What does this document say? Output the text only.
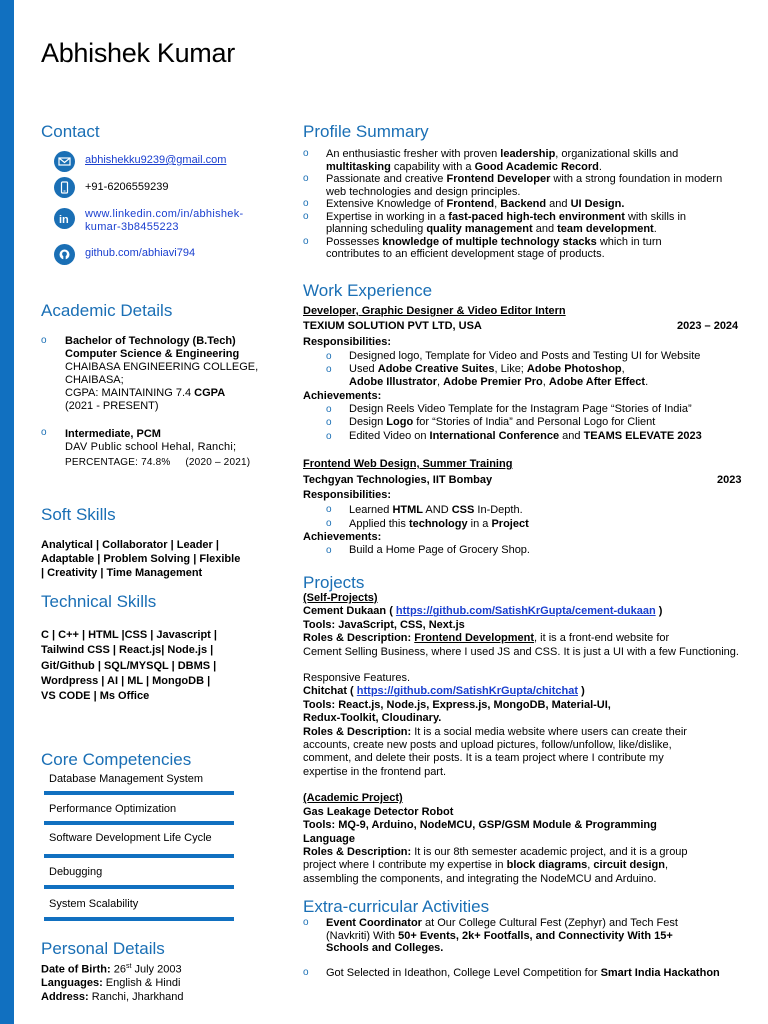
Abhishek Kumar
Contact
abhishekku9239@gmail.com
+91-6206559239
in www.linkedin.com/in/abhishek-
kumar-3b8455223
github.com/abhiavi794
Academic Details
o Bachelor of Technology (B.Tech)
Computer Science & Engineering
CHAIBASA ENGINEERING COLLEGE,
CHAIBASA;
CGPA: MAINTAINING 7.4 CGPA
(2021 - PRESENT)
o Intermediate, PCM
DAV Public school Hehal, Ranchi;
PERCENTAGE: 74.8% (2020 – 2021)
Soft Skills
Analytical | Collaborator | Leader |
Adaptable | Problem Solving | Flexible
| Creativity | Time Management
Technical Skills
C | C++ | HTML |CSS | Javascript |
Tailwind CSS | React.js| Node.js |
Git/Github | SQL/MYSQL | DBMS |
Wordpress | AI | ML | MongoDB |
VS CODE | Ms Office
Core Competencies
Database Management System
Performance Optimization
Software Development Life Cycle
Debugging
System Scalability
Personal Details
Date of Birth: 26st July 2003
Languages: English & Hindi
Address: Ranchi, Jharkhand
Profile Summary
o An enthusiastic fresher with proven leadership, organizational skills and
multitasking capability with a Good Academic Record.
o Passionate and creative Frontend Developer with a strong foundation in modern
web technologies and design principles.
o Extensive Knowledge of Frontend, Backend and UI Design.
o Expertise in working in a fast-paced high-tech environment with skills in
planning scheduling quality management and team development.
o Possesses knowledge of multiple technology stacks which in turn
contributes to an efficient development stage of products.
Work Experience
Developer, Graphic Designer & Video Editor Intern
TEXIUM SOLUTION PVT LTD, USA	2023 – 2024
Responsibilities:
o Designed logo, Template for Video and Posts and Testing UI for Website
o Used Adobe Creative Suites, Like; Adobe Photoshop,
Adobe Illustrator, Adobe Premier Pro, Adobe After Effect.
Achievements:
o Design Reels Video Template for the Instagram Page “Stories of India”
o Design Logo for “Stories of India” and Personal Logo for Client
o Edited Video on International Conference and TEAMS ELEVATE 2023
Frontend Web Design, Summer Training
Techgyan Technologies, IIT Bombay	2023
Responsibilities:
o Learned HTML AND CSS In-Depth.
o Applied this technology in a Project
Achievements:
o Build a Home Page of Grocery Shop.
Projects
(Self-Projects)
Cement Dukaan ( https://github.com/SatishKrGupta/cement-dukaan )
Tools: JavaScript, CSS, Next.js
Roles & Description: Frontend Development, it is a front-end website for
Cement Selling Business, where I used JS and CSS. It is just a UI with a few Functioning.
Responsive Features.
Chitchat ( https://github.com/SatishKrGupta/chitchat )
Tools: React.js, Node.js, Express.js, MongoDB, Material-UI,
Redux-Toolkit, Cloudinary.
Roles & Description: It is a social media website where users can create their
accounts, create new posts and upload pictures, follow/unfollow, like/dislike,
comment, and delete their posts. It is a team project where I contribute my
expertise in the frontend part.
(Academic Project)
Gas Leakage Detector Robot
Tools: MQ-9, Arduino, NodeMCU, GSP/GSM Module & Programming
Language
Roles & Description: It is our 8th semester academic project, and it is a group
project where I contribute my expertise in block diagrams, circuit design,
assembling the components, and integrating the NodeMCU and Arduino.
Extra-curricular Activities
o Event Coordinator at Our College Cultural Fest (Zephyr) and Tech Fest
(Navkriti) With 50+ Events, 2k+ Footfalls, and Connectivity With 15+
Schools and Colleges.
o Got Selected in Ideathon, College Level Competition for Smart India Hackathon
